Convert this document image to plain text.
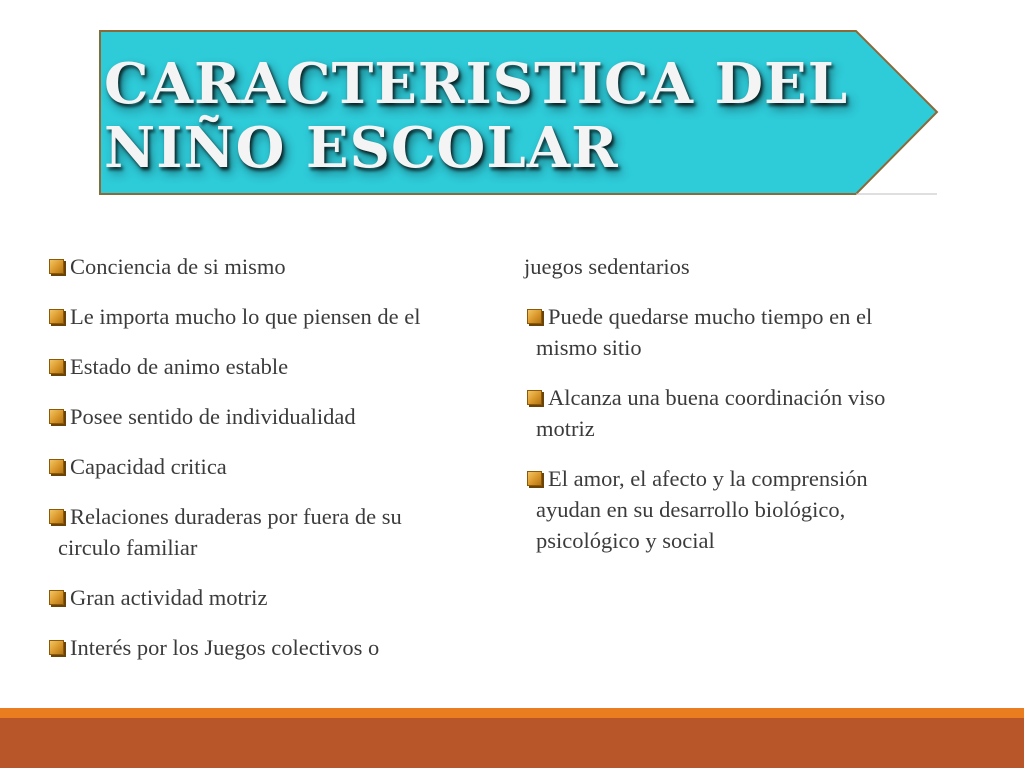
CARACTERISTICA DEL
NIÑO ESCOLAR
Conciencia de si mismo
Le importa mucho lo que piensen de el
Estado de animo estable
Posee sentido de individualidad
Capacidad critica
Relaciones duraderas por fuera de su
circulo familiar
Gran actividad motriz
Interés por los Juegos colectivos o
juegos sedentarios
Puede quedarse mucho tiempo en el
mismo sitio
Alcanza una buena coordinación viso
motriz
El amor, el afecto y la comprensión
ayudan en su desarrollo biológico,
psicológico y social
